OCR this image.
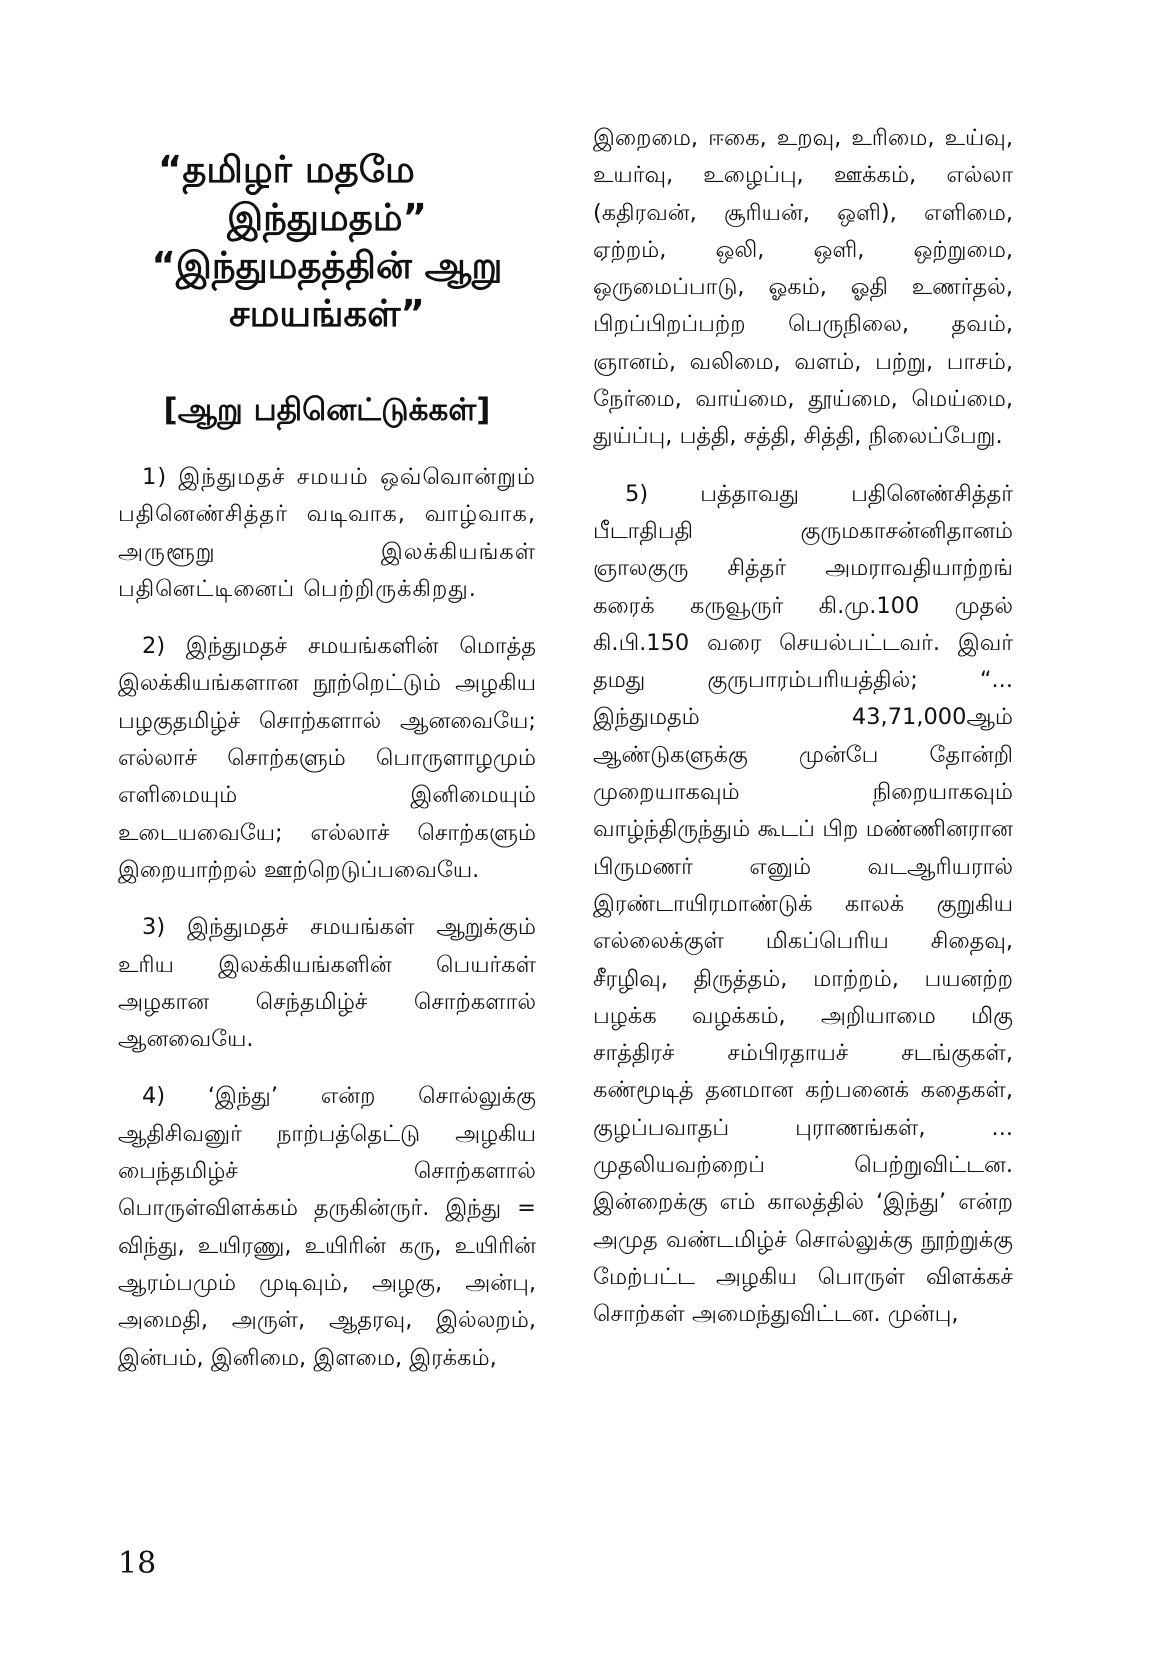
“தமிழர் மதமே
இந்துமதம்”
“இந்துமதத்தின் ஆறு
சமயங்கள்”
[ஆறு பதினெட்டுக்கள்]

1) இந்துமதச் சமயம் ஒவ்வொன்றும் பதினெண்சித்தர் வடிவாக, வாழ்வாக, அருளூறு இலக்கியங்கள் பதினெட்டினைப் பெற்றிருக்கிறது.

2) இந்துமதச் சமயங்களின் மொத்த இலக்கியங்களான நூற்றெட்டும் அழகிய பழகுதமிழ்ச் சொற்களால் ஆனவையே; எல்லாச் சொற்களும் பொருளாழமும் எளிமையும் இனிமையும் உடையவையே; எல்லாச் சொற்களும் இறையாற்றல் ஊற்றெடுப்பவையே.

3) இந்துமதச் சமயங்கள் ஆறுக்கும் உரிய இலக்கியங்களின் பெயர்கள் அழகான செந்தமிழ்ச் சொற்களால் ஆனவையே.

4) ‘இந்து’ என்ற சொல்லுக்கு ஆதிசிவனுர் நாற்பத்தெட்டு அழகிய பைந்தமிழ்ச் சொற்களால் பொருள்விளக்கம் தருகின்ருர். இந்து = விந்து, உயிரணு, உயிரின் கரு, உயிரின் ஆரம்பமும் முடிவும், அழகு, அன்பு, அமைதி, அருள், ஆதரவு, இல்லறம், இன்பம், இனிமை, இளமை, இரக்கம்,

இறைமை, ஈகை, உறவு, உரிமை, உய்வு, உயர்வு, உழைப்பு, ஊக்கம், எல்லா (கதிரவன், சூரியன், ஒளி), எளிமை, ஏற்றம், ஒலி, ஒளி, ஒற்றுமை, ஒருமைப்பாடு, ஓகம், ஓதி உணர்தல், பிறப்பிறப்பற்ற பெருநிலை, தவம், ஞானம், வலிமை, வளம், பற்று, பாசம், நேர்மை, வாய்மை, தூய்மை, மெய்மை, துய்ப்பு, பத்தி, சத்தி, சித்தி, நிலைப்பேறு.

5) பத்தாவது பதினெண்சித்தர் பீடாதிபதி குருமகாசன்னிதானம் ஞாலகுரு சித்தர் அமராவதியாற்றங் கரைக் கருவூருர் கி.மு.100 முதல் கி.பி.150 வரை செயல்பட்டவர். இவர் தமது குருபாரம்பரியத்தில்; “... இந்துமதம் 43,71,000ஆம் ஆண்டுகளுக்கு முன்பே தோன்றி முறையாகவும் நிறையாகவும் வாழ்ந்திருந்தும் கூடப் பிற மண்ணினரான பிருமணர் எனும் வடஆரியரால் இரண்டாயிரமாண்டுக் காலக் குறுகிய எல்லைக்குள் மிகப்பெரிய சிதைவு, சீரழிவு, திருத்தம், மாற்றம், பயனற்ற பழக்க வழக்கம், அறியாமை மிகு சாத்திரச் சம்பிரதாயச் சடங்குகள், கண்மூடித் தனமான கற்பனைக் கதைகள், குழப்பவாதப் புராணங்கள், ... முதலியவற்றைப் பெற்றுவிட்டன. இன்றைக்கு எம் காலத்தில் ‘இந்து’ என்ற அமுத வண்டமிழ்ச் சொல்லுக்கு நூற்றுக்கு மேற்பட்ட அழகிய பொருள் விளக்கச் சொற்கள் அமைந்துவிட்டன. முன்பு,

18
